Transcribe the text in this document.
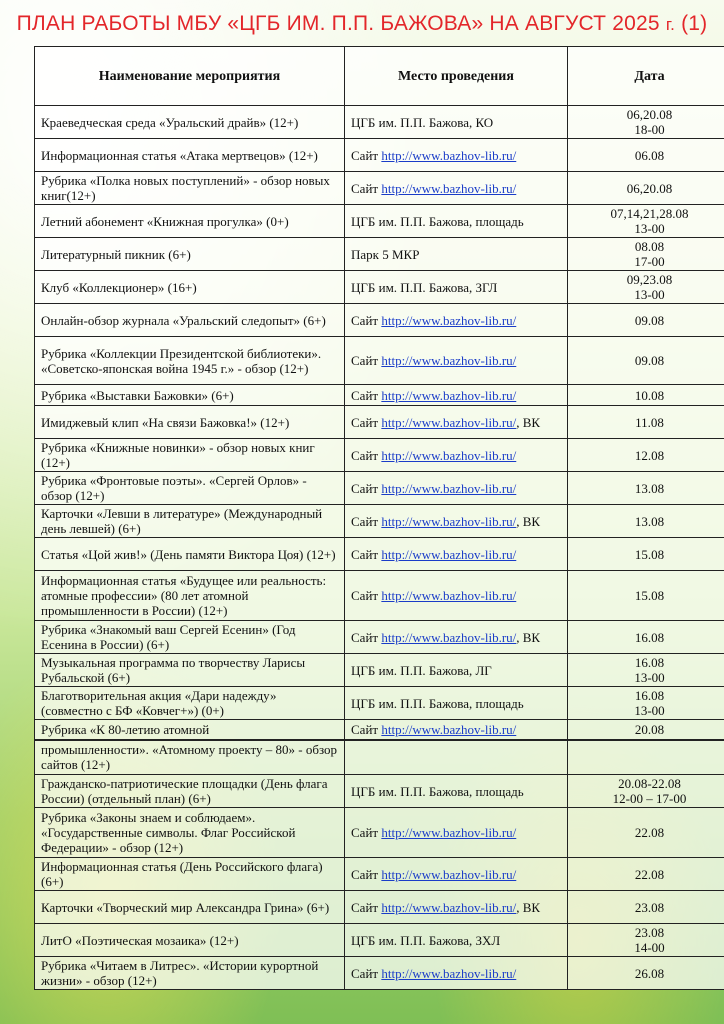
ПЛАН РАБОТЫ МБУ «ЦГБ ИМ. П.П. БАЖОВА» НА АВГУСТ 2025 г. (1)
Наименование мероприятия	Место проведения	Дата
Краеведческая среда «Уральский драйв» (12+)	ЦГБ им. П.П. Бажова, КО	06,20.08
18-00

Информационная статья «Атака мертвецов» (12+)	Сайт http://www.bazhov-lib.ru/	06.08

Рубрика «Полка новых поступлений» - обзор новых книг(12+)	Сайт http://www.bazhov-lib.ru/	06,20.08

Летний абонемент «Книжная прогулка» (0+)	ЦГБ им. П.П. Бажова, площадь	07,14,21,28.08
13-00

Литературный пикник (6+)	Парк 5 МКР	08.08
17-00

Клуб «Коллекционер» (16+)	ЦГБ им. П.П. Бажова, ЗГЛ	09,23.08
13-00

Онлайн-обзор журнала «Уральский следопыт» (6+)	Сайт http://www.bazhov-lib.ru/	09.08

Рубрика «Коллекции Президентской библиотеки». «Советско-японская война 1945 г.» - обзор (12+)	Сайт http://www.bazhov-lib.ru/	09.08

Рубрика «Выставки Бажовки» (6+)	Сайт http://www.bazhov-lib.ru/	10.08

Имиджевый клип «На связи Бажовка!» (12+)	Сайт http://www.bazhov-lib.ru/, ВК	11.08

Рубрика «Книжные новинки» - обзор новых книг (12+)	Сайт http://www.bazhov-lib.ru/	12.08

Рубрика «Фронтовые поэты». «Сергей Орлов» - обзор (12+)	Сайт http://www.bazhov-lib.ru/	13.08

Карточки «Левши в литературе» (Международный день левшей) (6+)	Сайт http://www.bazhov-lib.ru/, ВК	13.08

Статья «Цой жив!» (День памяти Виктора Цоя) (12+)	Сайт http://www.bazhov-lib.ru/	15.08

Информационная статья «Будущее или реальность: атомные профессии» (80 лет атомной промышленности в России) (12+)	Сайт http://www.bazhov-lib.ru/	15.08

Рубрика «Знакомый ваш Сергей Есенин» (Год Есенина в России) (6+)	Сайт http://www.bazhov-lib.ru/, ВК	16.08

Музыкальная программа по творчеству Ларисы Рубальской (6+)	ЦГБ им. П.П. Бажова, ЛГ	16.08
13-00

Благотворительная акция «Дари надежду» (совместно с БФ «Ковчег+») (0+)	ЦГБ им. П.П. Бажова, площадь	16.08
13-00

Рубрика «К 80-летию атомной	Сайт http://www.bazhov-lib.ru/	20.08

промышленности». «Атомному проекту – 80» - обзор сайтов (12+)		

Гражданско-патриотические площадки (День флага России) (отдельный план) (6+)	ЦГБ им. П.П. Бажова, площадь	20.08-22.08
12-00 – 17-00

Рубрика «Законы знаем и соблюдаем». «Государственные символы. Флаг Российской Федерации» - обзор (12+)	Сайт http://www.bazhov-lib.ru/	22.08

Информационная статья (День Российского флага) (6+)	Сайт http://www.bazhov-lib.ru/	22.08

Карточки «Творческий мир Александра Грина» (6+)	Сайт http://www.bazhov-lib.ru/, ВК	23.08

ЛитО «Поэтическая мозаика» (12+)	ЦГБ им. П.П. Бажова, ЗХЛ	23.08
14-00

Рубрика «Читаем в Литрес». «Истории курортной жизни» - обзор (12+)	Сайт http://www.bazhov-lib.ru/	26.08
